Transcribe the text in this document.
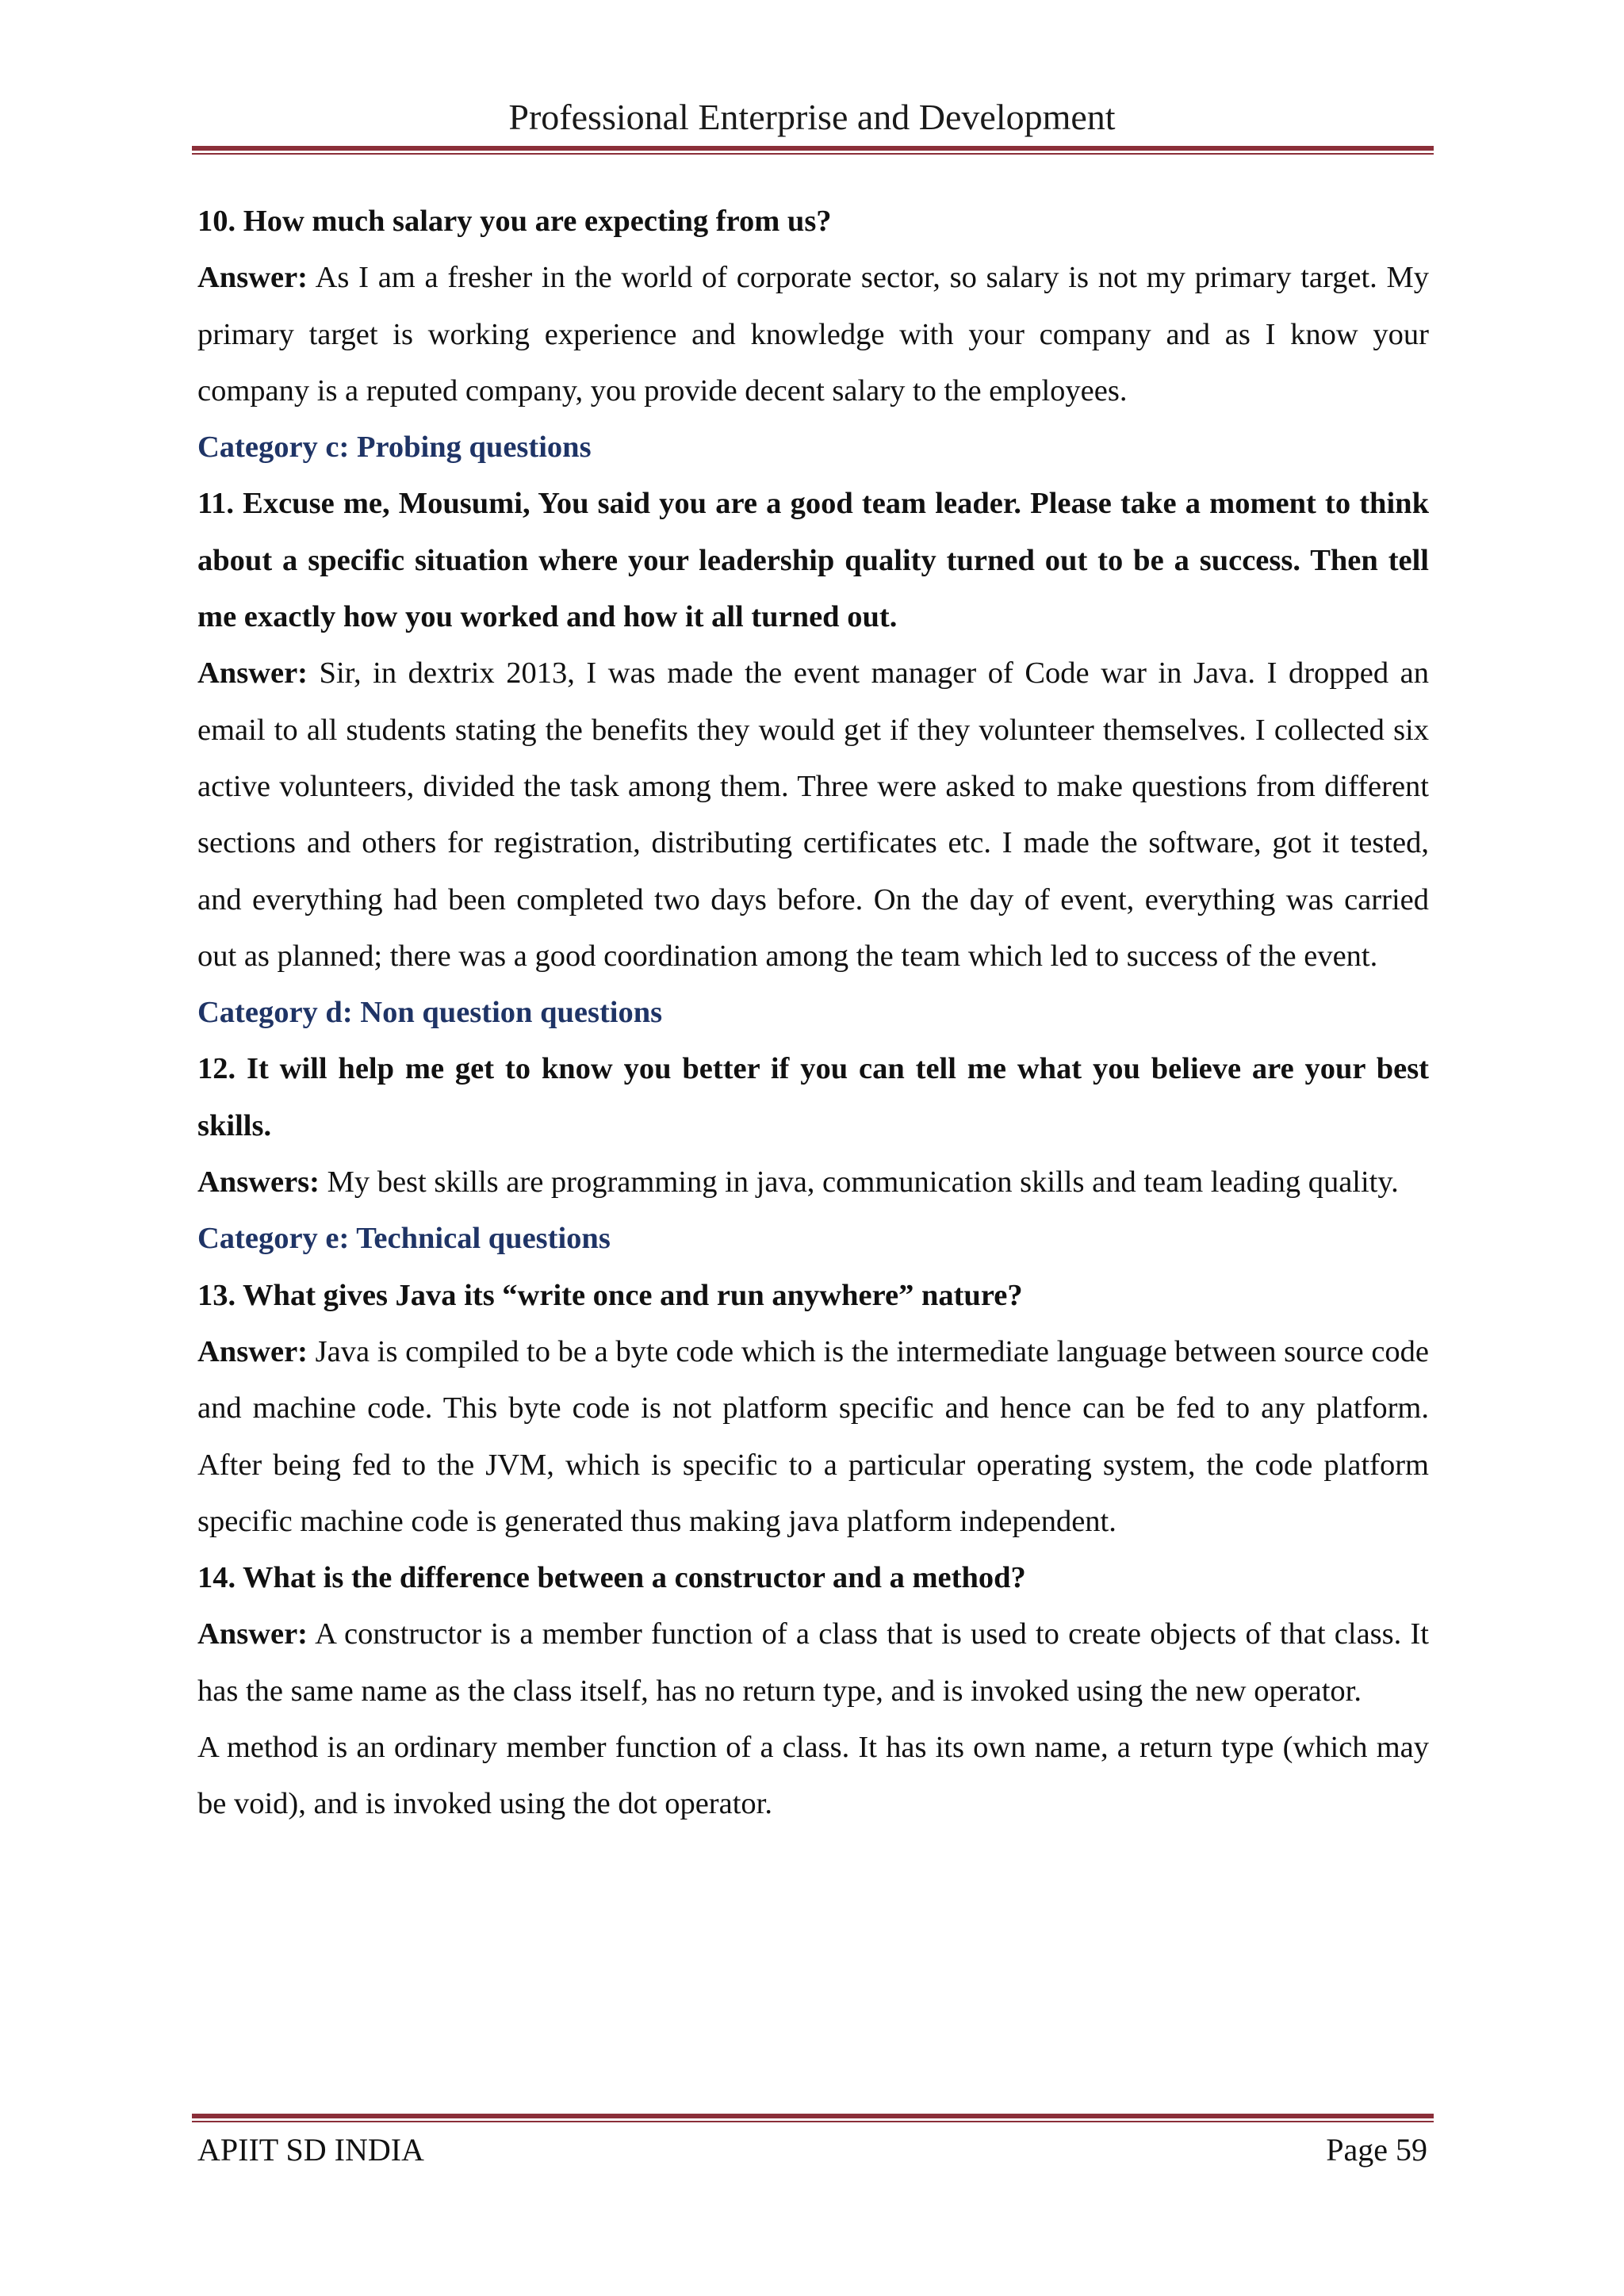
Professional Enterprise and Development

10. How much salary you are expecting from us?

Answer: As I am a fresher in the world of corporate sector, so salary is not my primary target. My primary target is working experience and knowledge with your company and as I know your company is a reputed company, you provide decent salary to the employees.

Category c: Probing questions

11. Excuse me, Mousumi, You said you are a good team leader. Please take a moment to think about a specific situation where your leadership quality turned out to be a success. Then tell me exactly how you worked and how it all turned out.

Answer: Sir, in dextrix 2013, I was made the event manager of Code war in Java. I dropped an email to all students stating the benefits they would get if they volunteer themselves. I collected six active volunteers, divided the task among them. Three were asked to make questions from different sections and others for registration, distributing certificates etc. I made the software, got it tested, and everything had been completed two days before. On the day of event, everything was carried out as planned; there was a good coordination among the team which led to success of the event.

Category d: Non question questions

12. It will help me get to know you better if you can tell me what you believe are your best skills.

Answers: My best skills are programming in java, communication skills and team leading quality.

Category e: Technical questions

13. What gives Java its “write once and run anywhere” nature?

Answer: Java is compiled to be a byte code which is the intermediate language between source code and machine code. This byte code is not platform specific and hence can be fed to any platform. After being fed to the JVM, which is specific to a particular operating system, the code platform specific machine code is generated thus making java platform independent.

14. What is the difference between a constructor and a method?

Answer: A constructor is a member function of a class that is used to create objects of that class. It has the same name as the class itself, has no return type, and is invoked using the new operator.

A method is an ordinary member function of a class. It has its own name, a return type (which may be void), and is invoked using the dot operator.

APIIT SD INDIA	Page 59
